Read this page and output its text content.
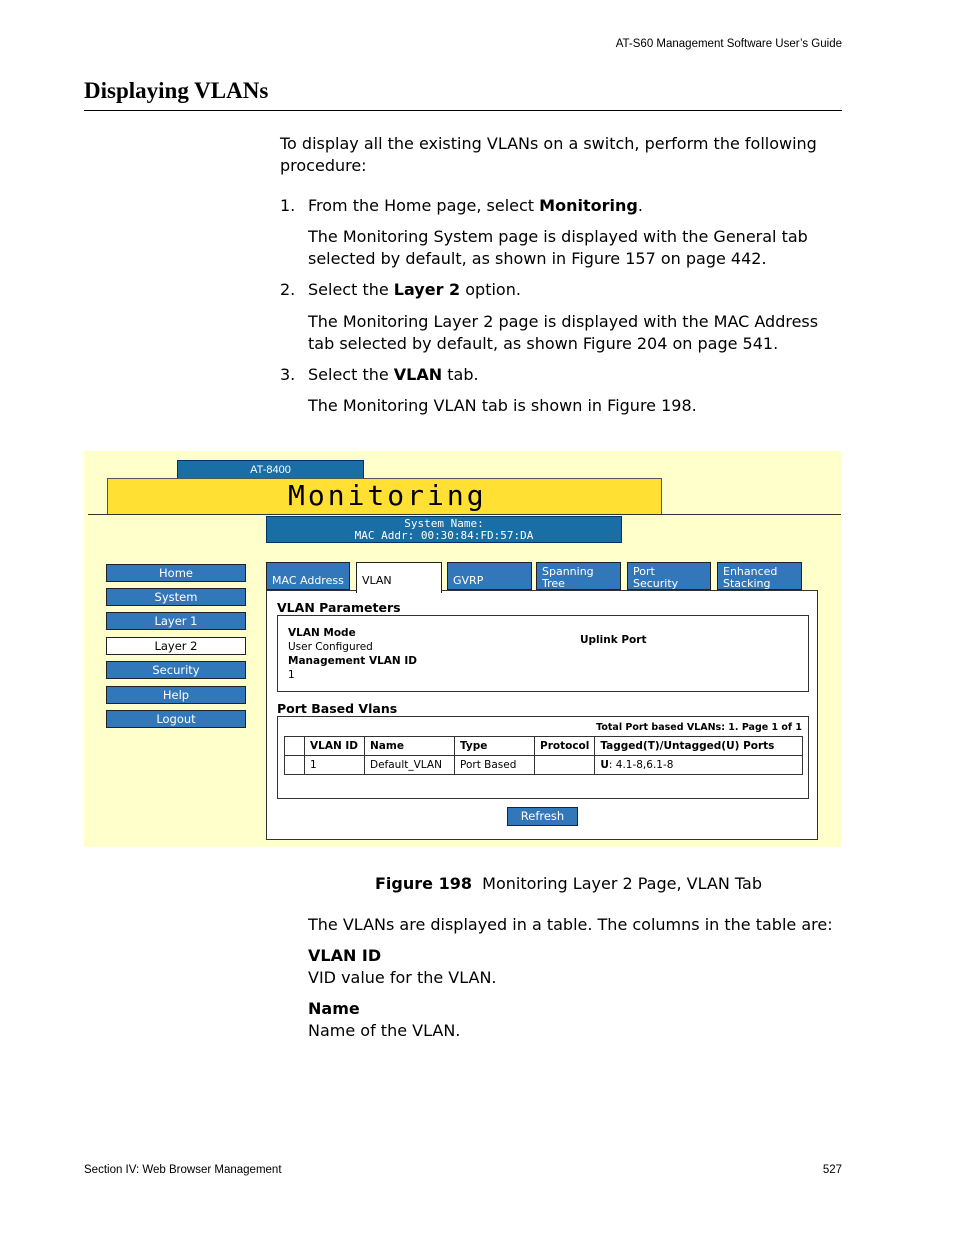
AT-S60 Management Software User’s Guide
Displaying VLANs
To display all the existing VLANs on a switch, perform the following procedure:
1. From the Home page, select Monitoring.
The Monitoring System page is displayed with the General tab selected by default, as shown in Figure 157 on page 442.
2. Select the Layer 2 option.
The Monitoring Layer 2 page is displayed with the MAC Address tab selected by default, as shown Figure 204 on page 541.
3. Select the VLAN tab.
The Monitoring VLAN tab is shown in Figure 198.
AT-8400
Monitoring
System Name:
MAC Addr: 00:30:84:FD:57:DA
Home
System
Layer 1
Layer 2
Security
Help
Logout
MAC Address	VLAN	GVRP
Spanning
Tree
Port
Security
Enhanced
Stacking
VLAN Parameters
VLAN Mode
User Configured
Management VLAN ID
1
Uplink Port
Port Based Vlans
Total Port based VLANs: 1. Page 1 of 1
	VLAN ID	Name	Type	Protocol	Tagged(T)/Untagged(U) Ports
	1	Default_VLAN	Port Based		U: 4.1-8,6.1-8
Refresh
Figure 198 Monitoring Layer 2 Page, VLAN Tab
The VLANs are displayed in a table. The columns in the table are:
VLAN ID
VID value for the VLAN.
Name
Name of the VLAN.
Section IV: Web Browser Management	527
